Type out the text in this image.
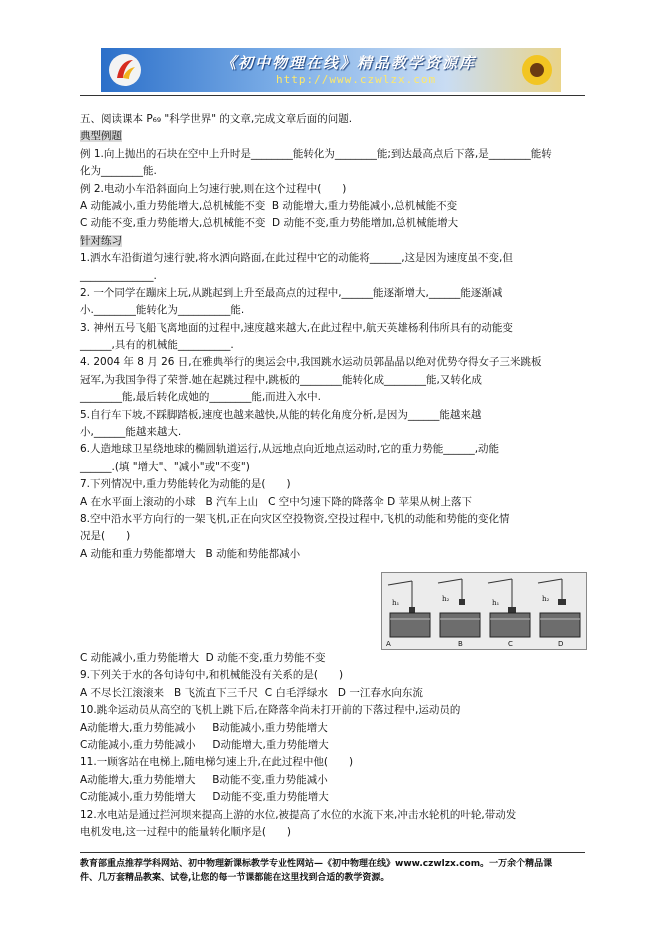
《初中物理在线》精品教学资源库
http://www.czwlzx.com
五、阅读课本 P₆₉ "科学世界" 的文章,完成文章后面的问题.
典型例题
例 1.向上抛出的石块在空中上升时是________能转化为________能;到达最高点后下落,是________能转
化为________能.
例 2.电动小车沿斜面向上匀速行驶,则在这个过程中(　　)
A 动能减小,重力势能增大,总机械能不变  B 动能增大,重力势能减小,总机械能不变
C 动能不变,重力势能增大,总机械能不变  D 动能不变,重力势能增加,总机械能增大
针对练习
1.洒水车沿街道匀速行驶,将水洒向路面,在此过程中它的动能将______,这是因为速度虽不变,但
______________.
2. 一个同学在蹦床上玩,从跳起到上升至最高点的过程中,______能逐渐增大,______能逐渐减
小.________能转化为__________能.
3. 神州五号飞船飞离地面的过程中,速度越来越大,在此过程中,航天英雄杨利伟所具有的动能变
______,具有的机械能__________.
4. 2004 年 8 月 26 日,在雅典举行的奥运会中,我国跳水运动员郭晶晶以绝对优势夺得女子三米跳板
冠军,为我国争得了荣誉.她在起跳过程中,跳板的________能转化成________能,又转化成
________能,最后转化成她的________能,而进入水中.
5.自行车下坡,不踩脚踏板,速度也越来越快,从能的转化角度分析,是因为______能越来越
小,______能越来越大.
6.人造地球卫星绕地球的椭圆轨道运行,从远地点向近地点运动时,它的重力势能______,动能
______.(填 "增大"、"减小"或"不变")
7.下列情况中,重力势能转化为动能的是(　　)
A 在水平面上滚动的小球   B 汽车上山   C 空中匀速下降的降落伞 D 苹果从树上落下
8.空中沿水平方向行的一架飞机,正在向灾区空投物资,空投过程中,飞机的动能和势能的变化情
况是(　　)
A 动能和重力势能都增大   B 动能和势能都减小
h₁
A
h₂
B
h₁
C
h₂
D
C 动能减小,重力势能增大  D 动能不变,重力势能不变
9.下列关于水的各句诗句中,和机械能没有关系的是(　　)
A 不尽长江滚滚来   B 飞流直下三千尺  C 白毛浮绿水   D 一江春水向东流
10.跳伞运动员从高空的飞机上跳下后,在降落伞尚未打开前的下落过程中,运动员的
A动能增大,重力势能减小     B动能减小,重力势能增大
C动能减小,重力势能减小     D动能增大,重力势能增大
11.一顾客站在电梯上,随电梯匀速上升,在此过程中他(　　)
A动能增大,重力势能增大     B动能不变,重力势能减小
C动能减小,重力势能增大     D动能不变,重力势能增大
12.水电站是通过拦河坝来提高上游的水位,被提高了水位的水流下来,冲击水轮机的叶轮,带动发
电机发电,这一过程中的能量转化顺序是(　　)
教育部重点推荐学科网站、初中物理新课标教学专业性网站—《初中物理在线》www.czwlzx.com。一万余个精品课
件、几万套精品教案、试卷,让您的每一节课都能在这里找到合适的教学资源。
